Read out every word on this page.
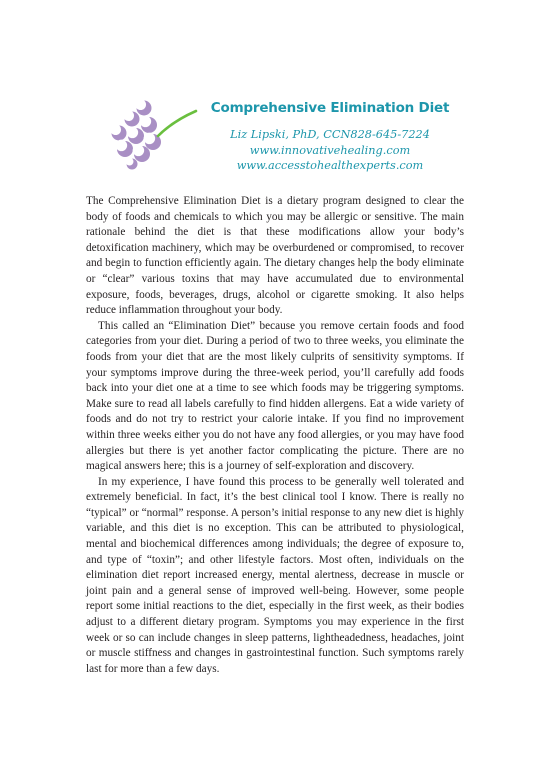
Comprehensive Elimination Diet
Liz Lipski, PhD, CCN828-645-7224
www.innovativehealing.com
www.accesstohealthexperts.com

The Comprehensive Elimination Diet is a dietary program designed to clear the body of foods and chemicals to which you may be allergic or sensitive. The main rationale behind the diet is that these modifications allow your body’s detoxification machinery, which may be overburdened or compromised, to recover and begin to function efficiently again. The dietary changes help the body eliminate or “clear” various toxins that may have accumulated due to environmental exposure, foods, beverages, drugs, alcohol or cigarette smoking. It also helps reduce inflammation throughout your body.

This called an “Elimination Diet” because you remove certain foods and food categories from your diet. During a period of two to three weeks, you eliminate the foods from your diet that are the most likely culprits of sensitivity symptoms. If your symptoms improve during the three-week period, you’ll carefully add foods back into your diet one at a time to see which foods may be triggering symptoms. Make sure to read all labels carefully to find hidden allergens. Eat a wide variety of foods and do not try to restrict your calorie intake. If you find no improvement within three weeks either you do not have any food allergies, or you may have food allergies but there is yet another factor complicating the picture. There are no magical answers here; this is a journey of self-exploration and discovery.

In my experience, I have found this process to be generally well tolerated and extremely beneficial. In fact, it’s the best clinical tool I know. There is really no “typical” or “normal” response. A person’s initial response to any new diet is highly variable, and this diet is no exception. This can be attributed to physiological, mental and biochemical differences among individuals; the degree of exposure to, and type of “toxin”; and other lifestyle factors. Most often, individuals on the elimination diet report increased energy, mental alertness, decrease in muscle or joint pain and a general sense of improved well-being. However, some people report some initial reactions to the diet, especially in the first week, as their bodies adjust to a different dietary program. Symptoms you may experience in the first week or so can include changes in sleep patterns, lightheadedness, headaches, joint or muscle stiffness and changes in gastrointestinal function. Such symptoms rarely last for more than a few days.
